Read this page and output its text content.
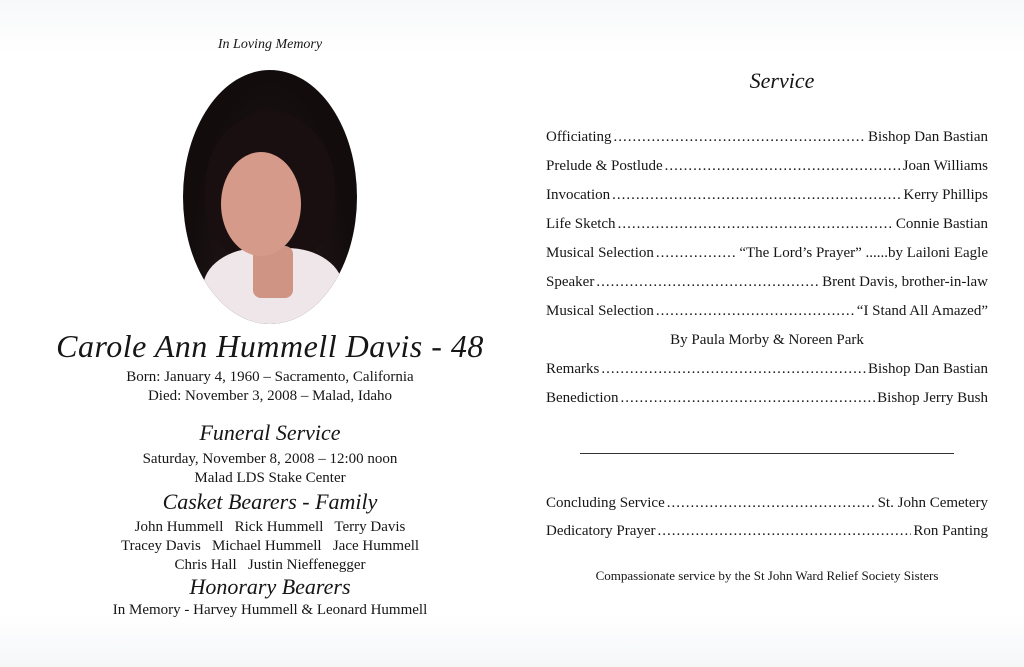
In Loving Memory
Carole Ann Hummell Davis - 48
Born: January 4, 1960 – Sacramento, California
Died: November 3, 2008 – Malad, Idaho
Funeral Service
Saturday, November 8, 2008 – 12:00 noon
Malad LDS Stake Center
Casket Bearers - Family
John Hummell   Rick Hummell   Terry Davis
Tracey Davis   Michael Hummell   Jace Hummell
Chris Hall   Justin Nieffenegger
Honorary Bearers
In Memory - Harvey Hummell & Leonard Hummell
Service
Officiating .....	Bishop Dan Bastian
Prelude & Postlude .....	Joan Williams
Invocation .....	Kerry Phillips
Life Sketch .....	Connie Bastian
Musical Selection .....	“The Lord’s Prayer” ......by Lailoni Eagle
Speaker .....	Brent Davis, brother-in-law
Musical Selection .....	“I Stand All Amazed”
By Paula Morby & Noreen Park
Remarks .....	Bishop Dan Bastian
Benediction .....	Bishop Jerry Bush
Concluding Service .....	St. John Cemetery
Dedicatory Prayer .....	Ron Panting
Compassionate service by the St John Ward Relief Society Sisters
